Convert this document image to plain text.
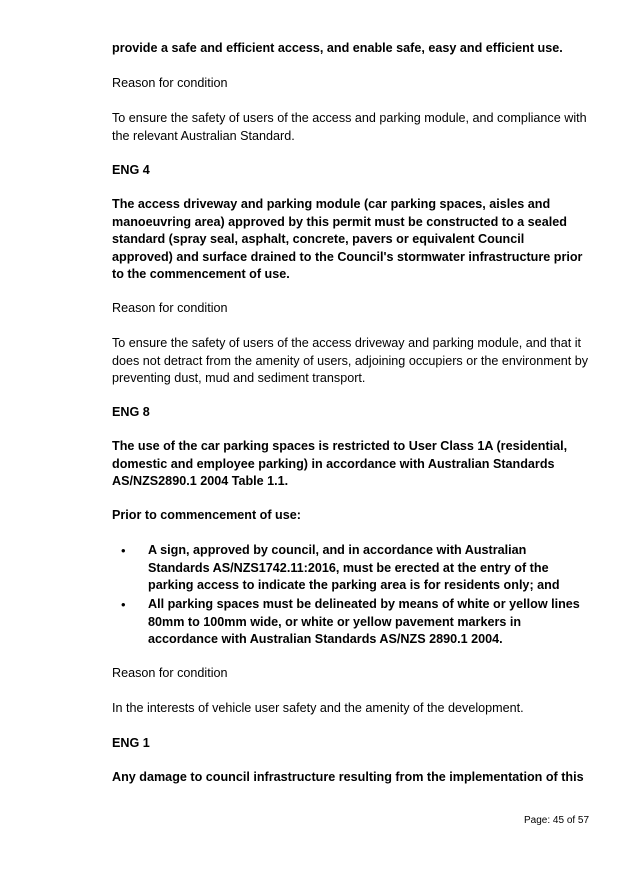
provide a safe and efficient access, and enable safe, easy and efficient use.
Reason for condition
To ensure the safety of users of the access and parking module, and compliance with
the relevant Australian Standard.
ENG 4
The access driveway and parking module (car parking spaces, aisles and
manoeuvring area) approved by this permit must be constructed to a sealed
standard (spray seal, asphalt, concrete, pavers or equivalent Council
approved) and surface drained to the Council's stormwater infrastructure prior
to the commencement of use.
Reason for condition
To ensure the safety of users of the access driveway and parking module, and that it
does not detract from the amenity of users, adjoining occupiers or the environment by
preventing dust, mud and sediment transport.
ENG 8
The use of the car parking spaces is restricted to User Class 1A (residential,
domestic and employee parking) in accordance with Australian Standards
AS/NZS2890.1 2004 Table 1.1.
Prior to commencement of use:
• A sign, approved by council, and in accordance with Australian
Standards AS/NZS1742.11:2016, must be erected at the entry of the
parking access to indicate the parking area is for residents only; and
• All parking spaces must be delineated by means of white or yellow lines
80mm to 100mm wide, or white or yellow pavement markers in
accordance with Australian Standards AS/NZS 2890.1 2004.
Reason for condition
In the interests of vehicle user safety and the amenity of the development.
ENG 1
Any damage to council infrastructure resulting from the implementation of this
Page: 45 of 57
